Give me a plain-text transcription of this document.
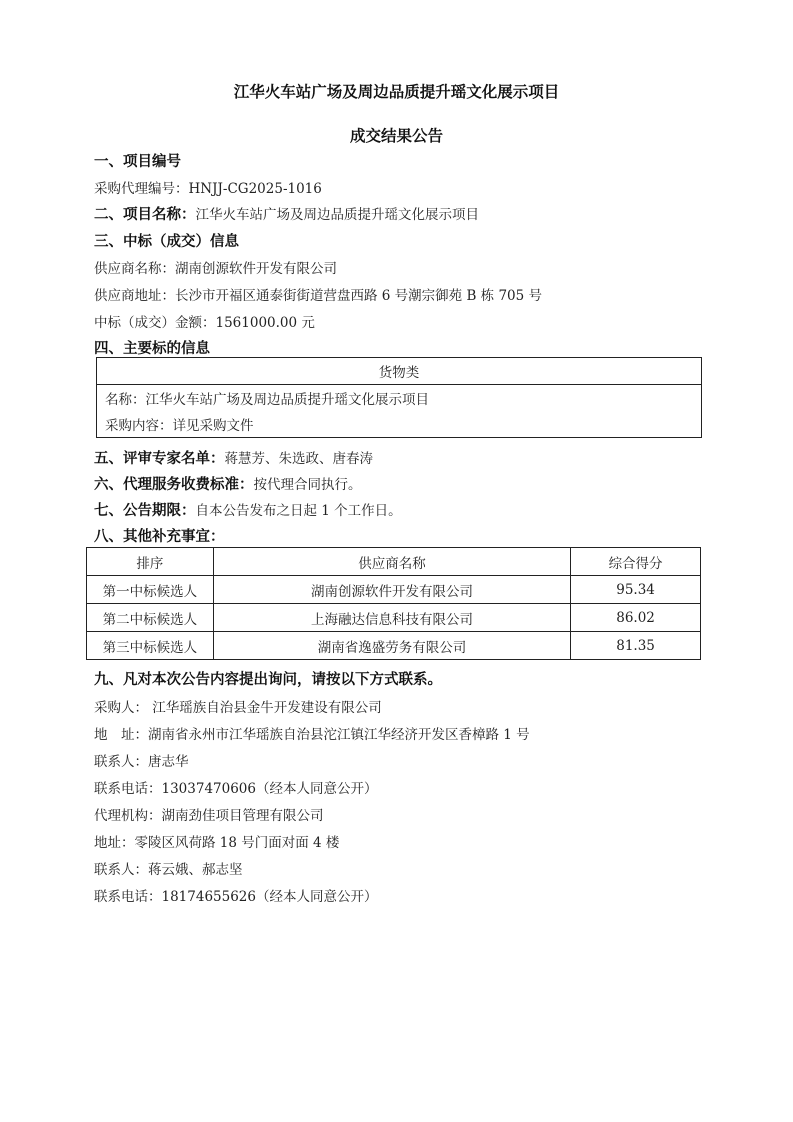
江华火车站广场及周边品质提升瑶文化展示项目
成交结果公告
一、项目编号
采购代理编号：HNJJ-CG2025-1016
二、项目名称：江华火车站广场及周边品质提升瑶文化展示项目
三、中标（成交）信息
供应商名称：湖南创源软件开发有限公司
供应商地址：长沙市开福区通泰街街道营盘西路 6 号潮宗御苑 B 栋 705 号
中标（成交）金额：1561000.00 元
四、主要标的信息
货物类
名称：江华火车站广场及周边品质提升瑶文化展示项目
采购内容：详见采购文件
五、评审专家名单：蒋慧芳、朱选政、唐春涛
六、代理服务收费标准：按代理合同执行。
七、公告期限：自本公告发布之日起 1 个工作日。
八、其他补充事宜：
排序	供应商名称	综合得分
第一中标候选人	湖南创源软件开发有限公司	95.34
第二中标候选人	上海融达信息科技有限公司	86.02
第三中标候选人	湖南省逸盛劳务有限公司	81.35
九、凡对本次公告内容提出询问，请按以下方式联系。
采购人： 江华瑶族自治县金牛开发建设有限公司
地　址：湖南省永州市江华瑶族自治县沱江镇江华经济开发区香樟路 1 号
联系人：唐志华
联系电话：13037470606（经本人同意公开）
代理机构：湖南劲佳项目管理有限公司
地址：零陵区风荷路 18 号门面对面 4 楼
联系人：蒋云娥、郝志坚
联系电话：18174655626（经本人同意公开）
